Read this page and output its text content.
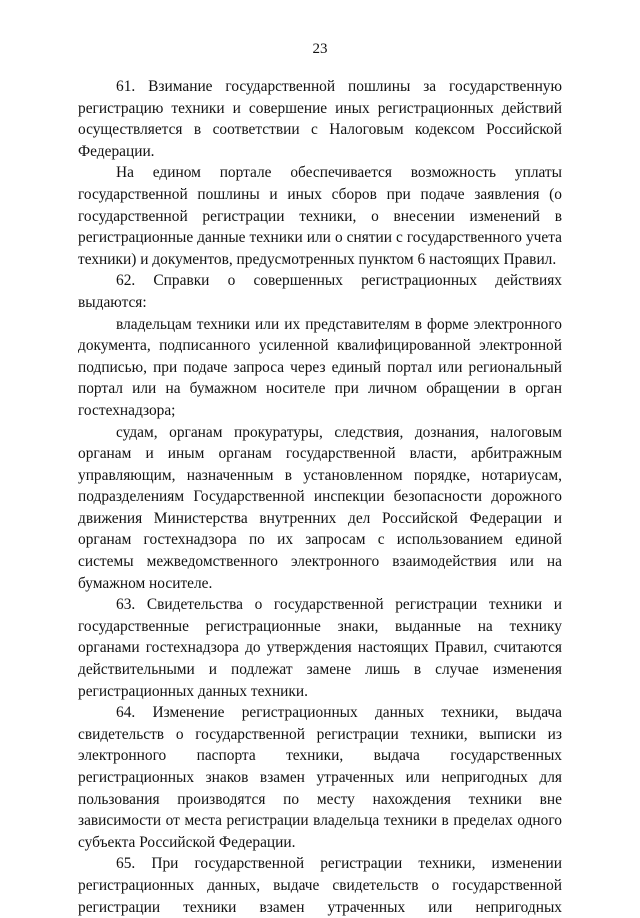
23

61. Взимание государственной пошлины за государственную регистрацию техники и совершение иных регистрационных действий осуществляется в соответствии с Налоговым кодексом Российской Федерации.

На едином портале обеспечивается возможность уплаты государственной пошлины и иных сборов при подаче заявления (о государственной регистрации техники, о внесении изменений в регистрационные данные техники или о снятии с государственного учета техники) и документов, предусмотренных пунктом 6 настоящих Правил.

62. Справки о совершенных регистрационных действиях выдаются:

владельцам техники или их представителям в форме электронного документа, подписанного усиленной квалифицированной электронной подписью, при подаче запроса через единый портал или региональный портал или на бумажном носителе при личном обращении в орган гостехнадзора;

судам, органам прокуратуры, следствия, дознания, налоговым органам и иным органам государственной власти, арбитражным управляющим, назначенным в установленном порядке, нотариусам, подразделениям Государственной инспекции безопасности дорожного движения Министерства внутренних дел Российской Федерации и органам гостехнадзора по их запросам с использованием единой системы межведомственного электронного взаимодействия или на бумажном носителе.

63. Свидетельства о государственной регистрации техники и государственные регистрационные знаки, выданные на технику органами гостехнадзора до утверждения настоящих Правил, считаются действительными и подлежат замене лишь в случае изменения регистрационных данных техники.

64. Изменение регистрационных данных техники, выдача свидетельств о государственной регистрации техники, выписки из электронного паспорта техники, выдача государственных регистрационных знаков взамен утраченных или непригодных для пользования производятся по месту нахождения техники вне зависимости от места регистрации владельца техники в пределах одного субъекта Российской Федерации.

65. При государственной регистрации техники, изменении регистрационных данных, выдаче свидетельств о государственной регистрации техники взамен утраченных или непригодных
